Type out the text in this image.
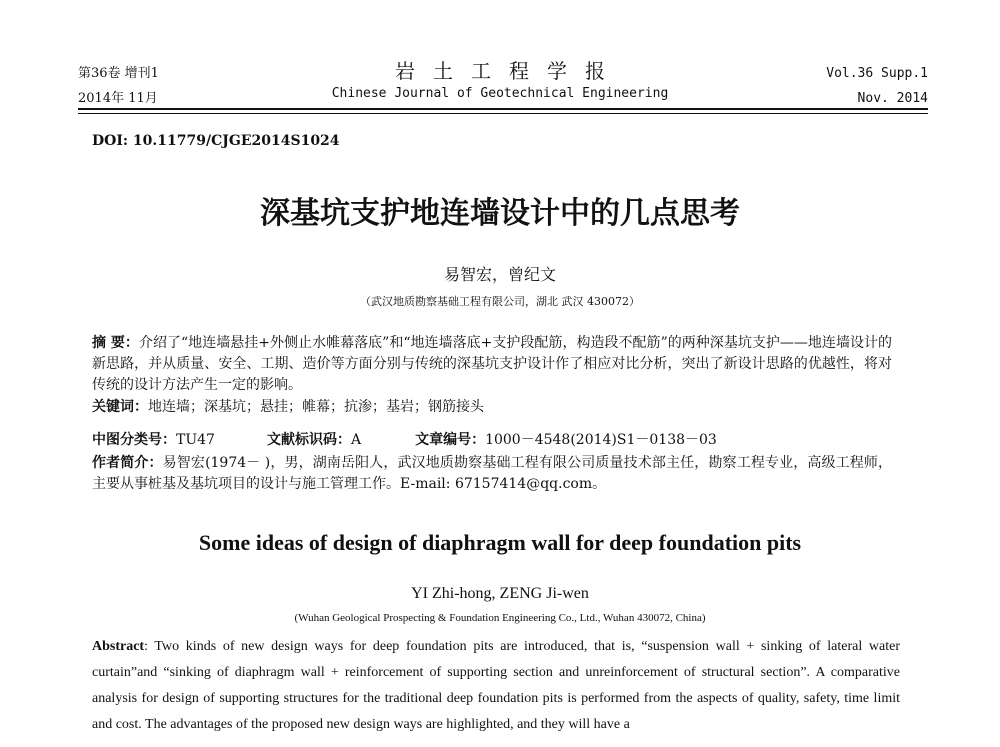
第36卷 增刊1
2014年 11月
岩土工程学报
Chinese Journal of Geotechnical Engineering
Vol.36 Supp.1
Nov. 2014
DOI: 10.11779/CJGE2014S1024
深基坑支护地连墙设计中的几点思考
易智宏，曾纪文
（武汉地质勘察基础工程有限公司，湖北 武汉 430072）
摘 要：介绍了“地连墙悬挂+外侧止水帷幕落底”和“地连墙落底+支护段配筋，构造段不配筋”的两种深基坑支护——地连墙设计的新思路，并从质量、安全、工期、造价等方面分别与传统的深基坑支护设计作了相应对比分析，突出了新设计思路的优越性，将对传统的设计方法产生一定的影响。
关键词：地连墙；深基坑；悬挂；帷幕；抗渗；基岩；钢筋接头
中图分类号：TU47	文献标识码：A	文章编号：1000－4548(2014)S1－0138－03
作者简介：易智宏(1974－ )，男，湖南岳阳人，武汉地质勘察基础工程有限公司质量技术部主任，勘察工程专业，高级工程师，主要从事桩基及基坑项目的设计与施工管理工作。E-mail: 67157414@qq.com。
Some ideas of design of diaphragm wall for deep foundation pits
YI Zhi-hong, ZENG Ji-wen
(Wuhan Geological Prospecting & Foundation Engineering Co., Ltd., Wuhan 430072, China)
Abstract: Two kinds of new design ways for deep foundation pits are introduced, that is, “suspension wall + sinking of lateral water curtain”and “sinking of diaphragm wall + reinforcement of supporting section and unreinforcement of structural section”. A comparative analysis for design of supporting structures for the traditional deep foundation pits is performed from the aspects of quality, safety, time limit and cost. The advantages of the proposed new design ways are highlighted, and they will have a
